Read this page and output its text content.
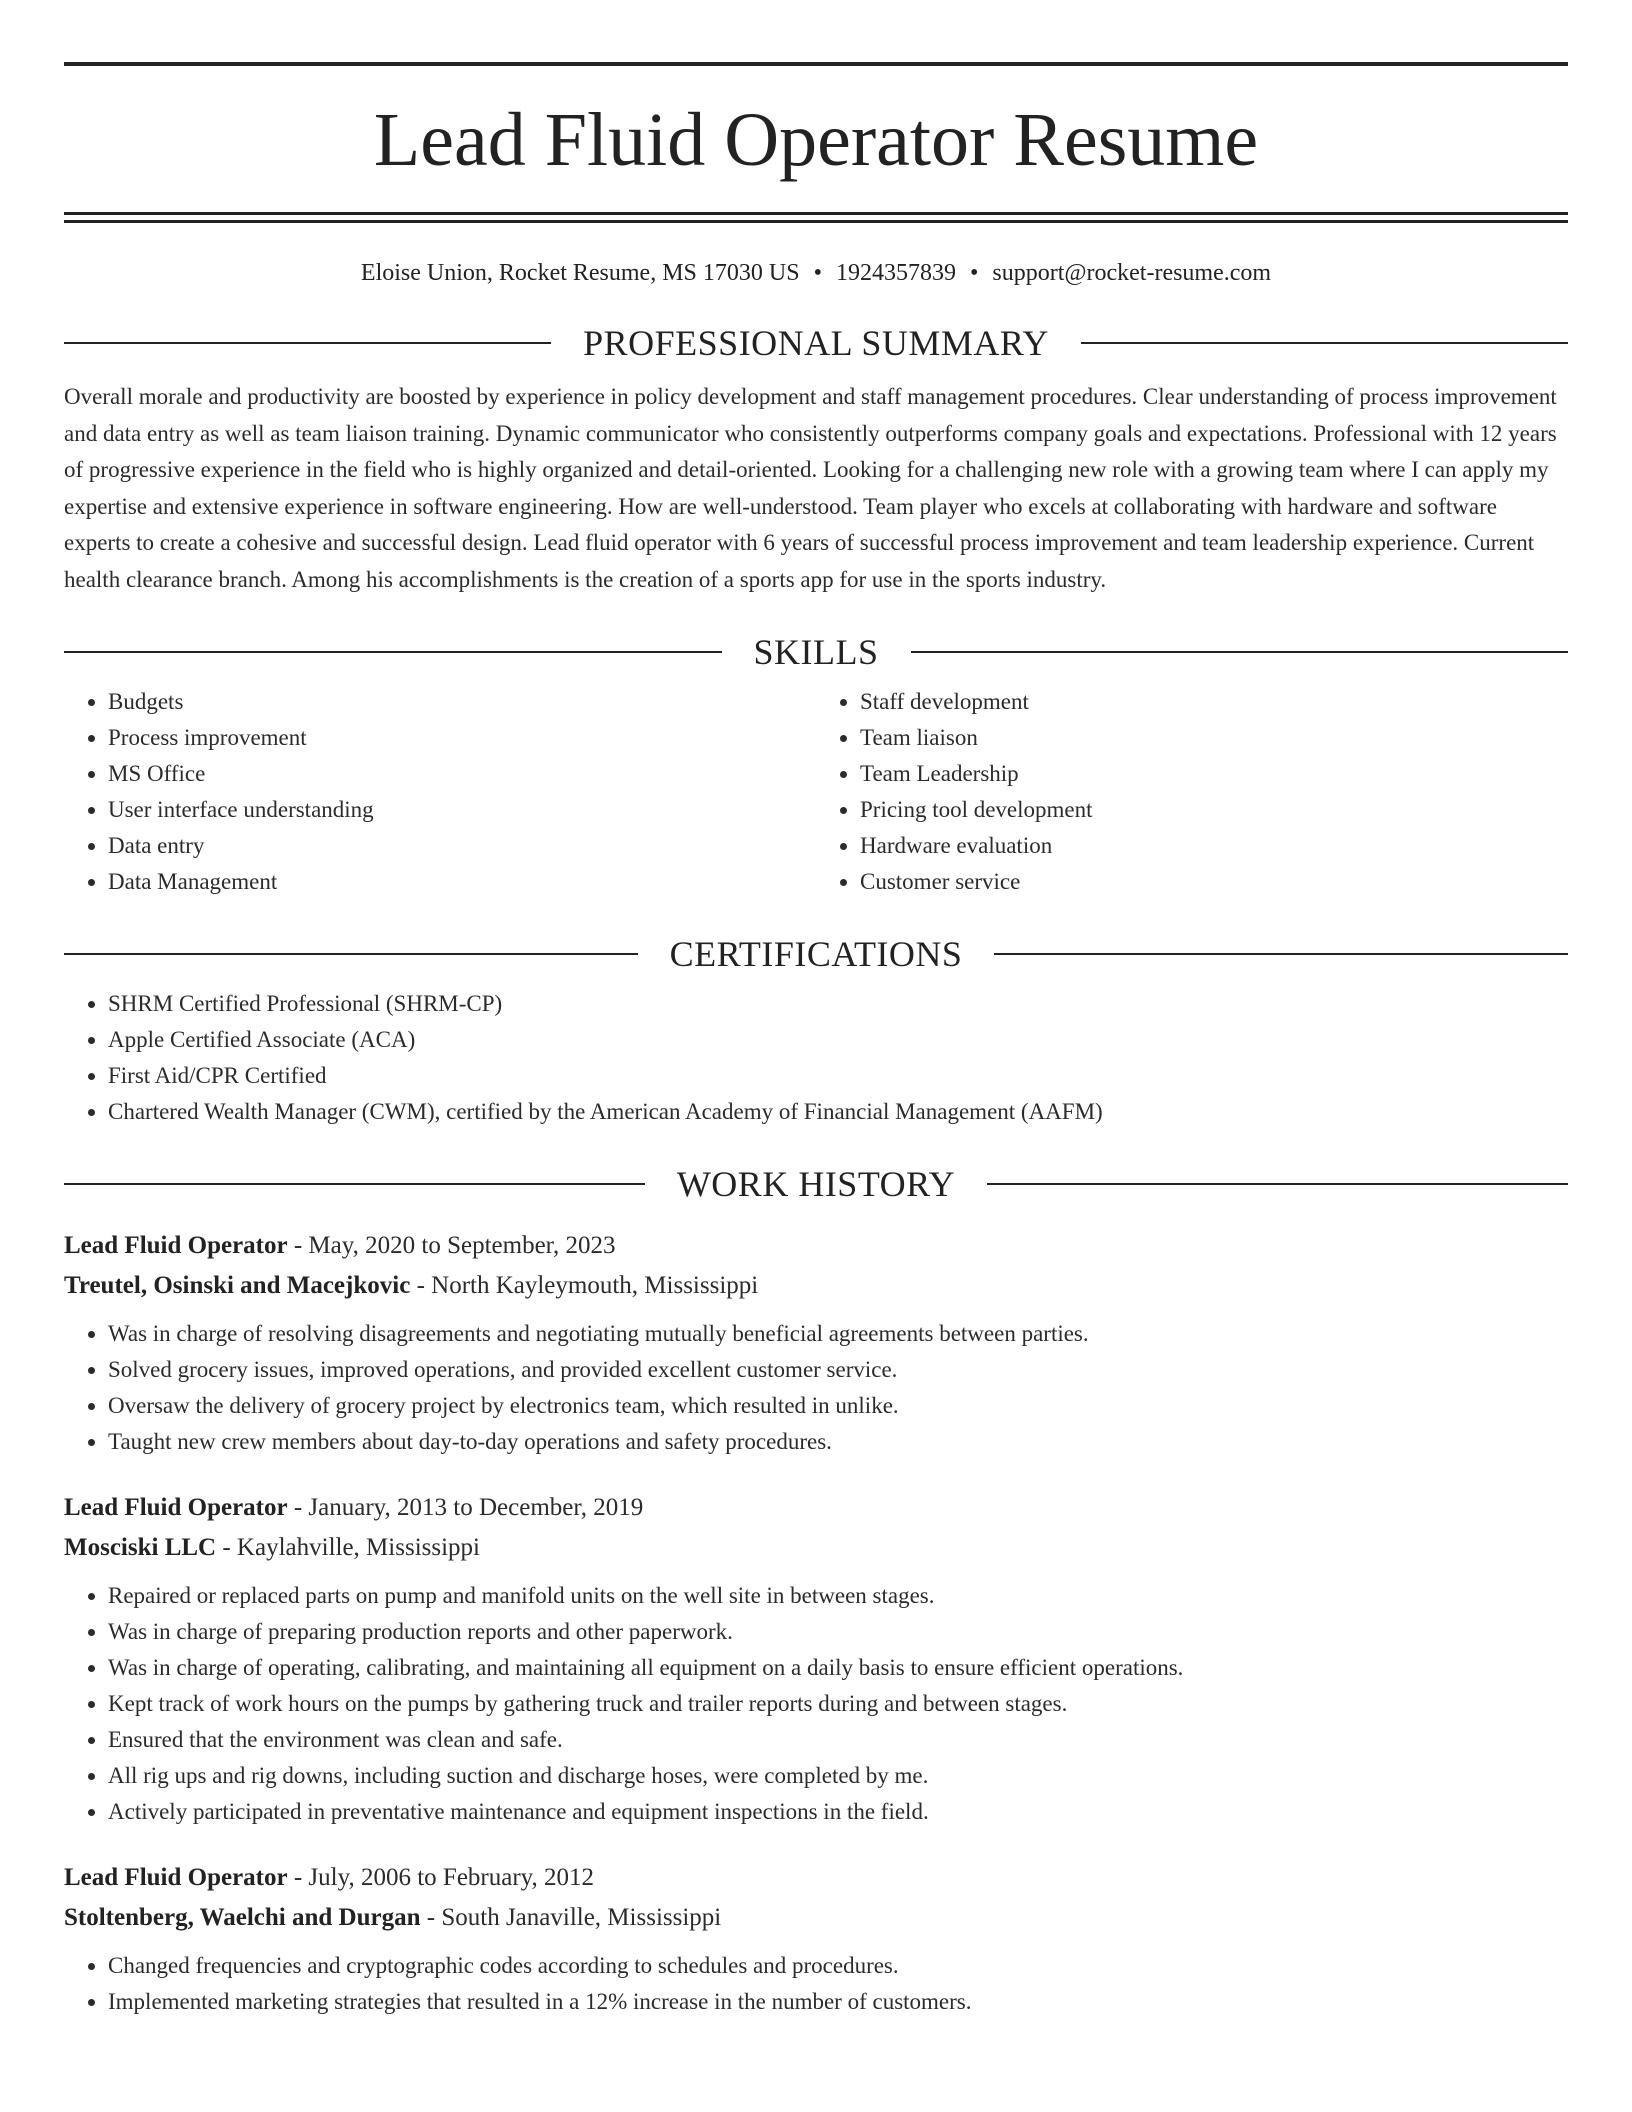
Lead Fluid Operator Resume
Eloise Union, Rocket Resume, MS 17030 US • 1924357839 • support@rocket-resume.com
PROFESSIONAL SUMMARY
Overall morale and productivity are boosted by experience in policy development and staff management procedures. Clear understanding of process improvement and data entry as well as team liaison training. Dynamic communicator who consistently outperforms company goals and expectations. Professional with 12 years of progressive experience in the field who is highly organized and detail-oriented. Looking for a challenging new role with a growing team where I can apply my expertise and extensive experience in software engineering. How are well-understood. Team player who excels at collaborating with hardware and software experts to create a cohesive and successful design. Lead fluid operator with 6 years of successful process improvement and team leadership experience. Current health clearance branch. Among his accomplishments is the creation of a sports app for use in the sports industry.
SKILLS
• Budgets
• Process improvement
• MS Office
• User interface understanding
• Data entry
• Data Management
• Staff development
• Team liaison
• Team Leadership
• Pricing tool development
• Hardware evaluation
• Customer service
CERTIFICATIONS
• SHRM Certified Professional (SHRM-CP)
• Apple Certified Associate (ACA)
• First Aid/CPR Certified
• Chartered Wealth Manager (CWM), certified by the American Academy of Financial Management (AAFM)
WORK HISTORY
Lead Fluid Operator - May, 2020 to September, 2023
Treutel, Osinski and Macejkovic - North Kayleymouth, Mississippi
• Was in charge of resolving disagreements and negotiating mutually beneficial agreements between parties.
• Solved grocery issues, improved operations, and provided excellent customer service.
• Oversaw the delivery of grocery project by electronics team, which resulted in unlike.
• Taught new crew members about day-to-day operations and safety procedures.
Lead Fluid Operator - January, 2013 to December, 2019
Mosciski LLC - Kaylahville, Mississippi
• Repaired or replaced parts on pump and manifold units on the well site in between stages.
• Was in charge of preparing production reports and other paperwork.
• Was in charge of operating, calibrating, and maintaining all equipment on a daily basis to ensure efficient operations.
• Kept track of work hours on the pumps by gathering truck and trailer reports during and between stages.
• Ensured that the environment was clean and safe.
• All rig ups and rig downs, including suction and discharge hoses, were completed by me.
• Actively participated in preventative maintenance and equipment inspections in the field.
Lead Fluid Operator - July, 2006 to February, 2012
Stoltenberg, Waelchi and Durgan - South Janaville, Mississippi
• Changed frequencies and cryptographic codes according to schedules and procedures.
• Implemented marketing strategies that resulted in a 12% increase in the number of customers.
